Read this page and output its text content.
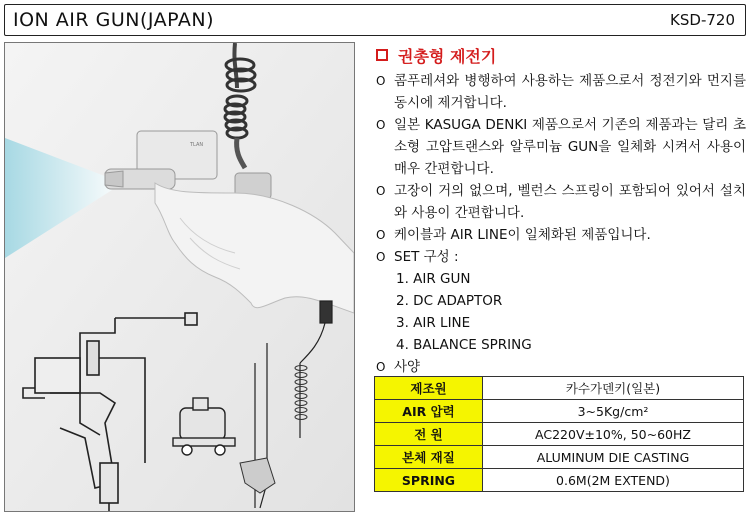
ION AIR GUN(JAPAN)	KSD-720
TLAN
권총형 제전기
O 콤푸레셔와 병행하여 사용하는 제품으로서 정전기와 먼지를 동시에 제거합니다.
O 일본 KASUGA DENKI 제품으로서 기존의 제품과는 달리 초소형 고압트랜스와 알루미늄 GUN을 일체화 시켜서 사용이 매우 간편합니다.
O 고장이 거의 없으며, 벨런스 스프링이 포함되어 있어서 설치와 사용이 간편합니다.
O 케이블과 AIR LINE이 일체화된 제품입니다.
O SET 구성 :
1. AIR GUN
2. DC ADAPTOR
3. AIR LINE
4. BALANCE SPRING
O 사양
제조원	카수가덴키(일본)
AIR 압력	3~5Kg/cm²
전 원	AC220V±10%, 50~60HZ
본체 재질	ALUMINUM DIE CASTING
SPRING	0.6M(2M EXTEND)
